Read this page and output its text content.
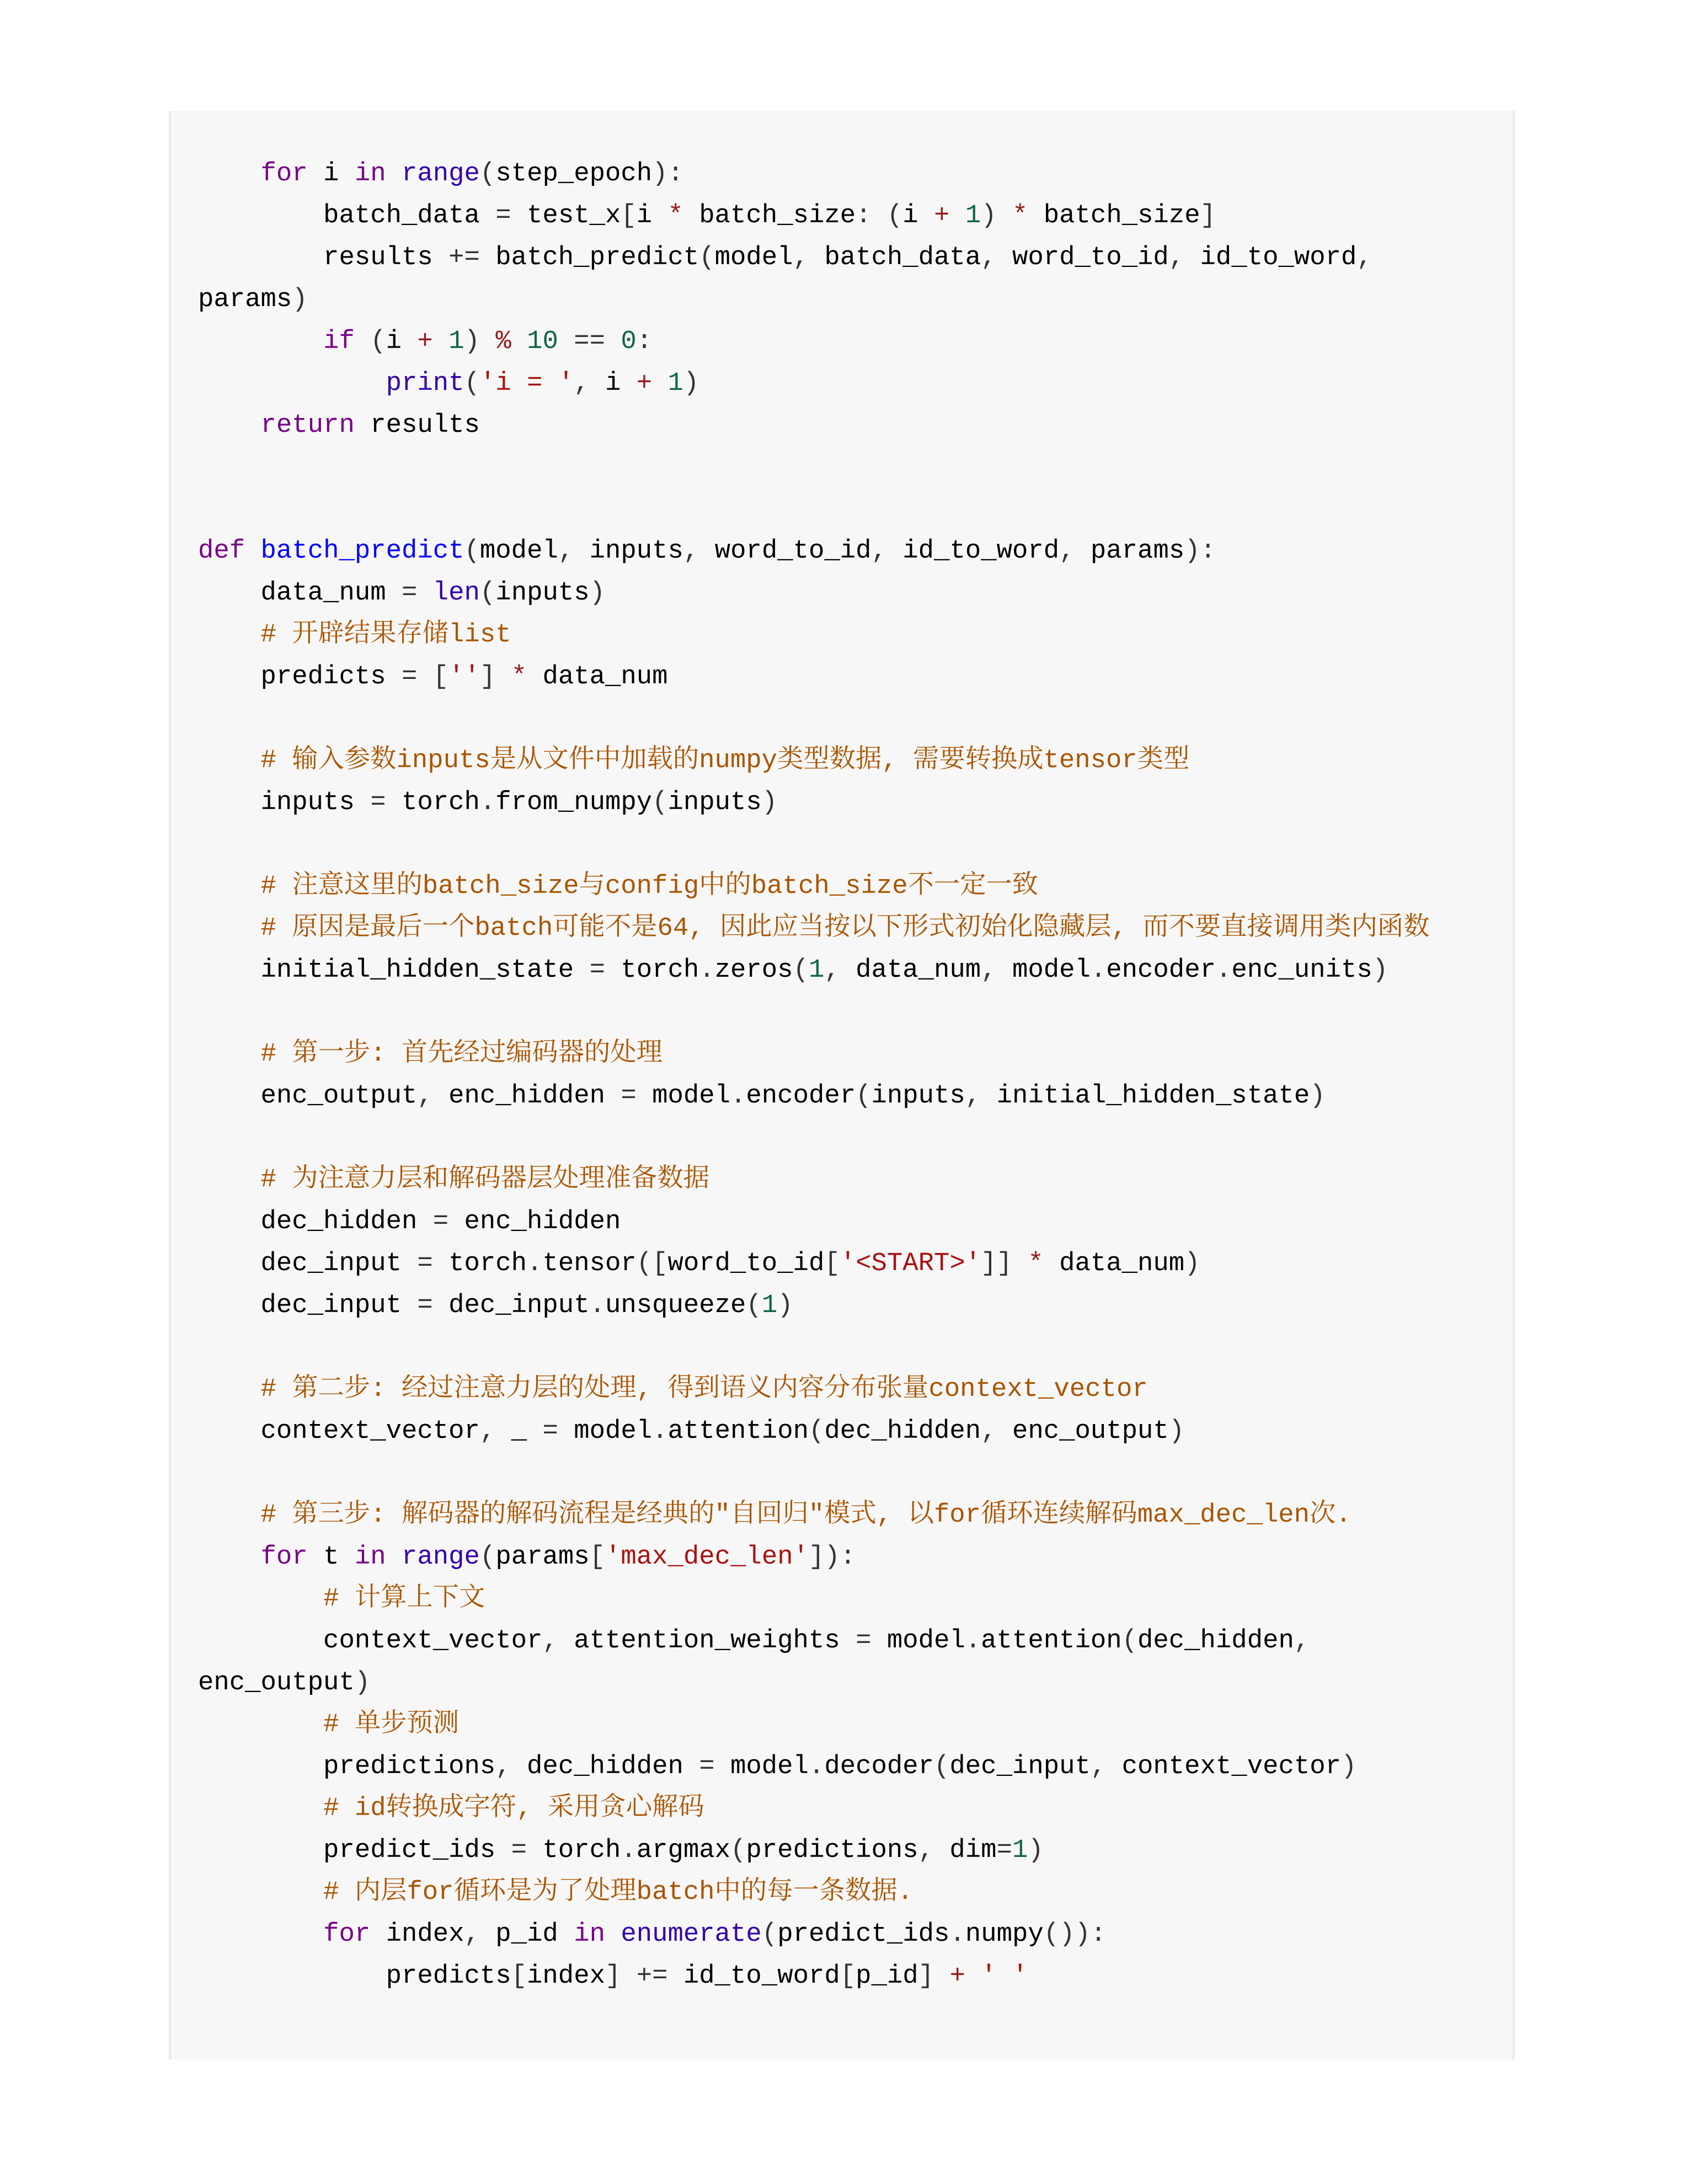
for i in range(step_epoch):
batch_data = test_x[i * batch_size: (i + 1) * batch_size]
results += batch_predict(model, batch_data, word_to_id, id_to_word,
params)
if (i + 1) % 10 == 0:
print('i = ', i + 1)
return results
def batch_predict(model, inputs, word_to_id, id_to_word, params):
data_num = len(inputs)
# 开辟结果存储list
predicts = [''] * data_num
# 输入参数inputs是从文件中加载的numpy类型数据, 需要转换成tensor类型
inputs = torch.from_numpy(inputs)
# 注意这里的batch_size与config中的batch_size不一定一致
# 原因是最后一个batch可能不是64, 因此应当按以下形式初始化隐藏层, 而不要直接调用类内函数
initial_hidden_state = torch.zeros(1, data_num, model.encoder.enc_units)
# 第一步: 首先经过编码器的处理
enc_output, enc_hidden = model.encoder(inputs, initial_hidden_state)
# 为注意力层和解码器层处理准备数据
dec_hidden = enc_hidden
dec_input = torch.tensor([word_to_id['<START>']] * data_num)
dec_input = dec_input.unsqueeze(1)
# 第二步: 经过注意力层的处理, 得到语义内容分布张量context_vector
context_vector, _ = model.attention(dec_hidden, enc_output)
# 第三步: 解码器的解码流程是经典的"自回归"模式, 以for循环连续解码max_dec_len次.
for t in range(params['max_dec_len']):
# 计算上下文
context_vector, attention_weights = model.attention(dec_hidden,
enc_output)
# 单步预测
predictions, dec_hidden = model.decoder(dec_input, context_vector)
# id转换成字符, 采用贪心解码
predict_ids = torch.argmax(predictions, dim=1)
# 内层for循环是为了处理batch中的每一条数据.
for index, p_id in enumerate(predict_ids.numpy()):
predicts[index] += id_to_word[p_id] + ' '
